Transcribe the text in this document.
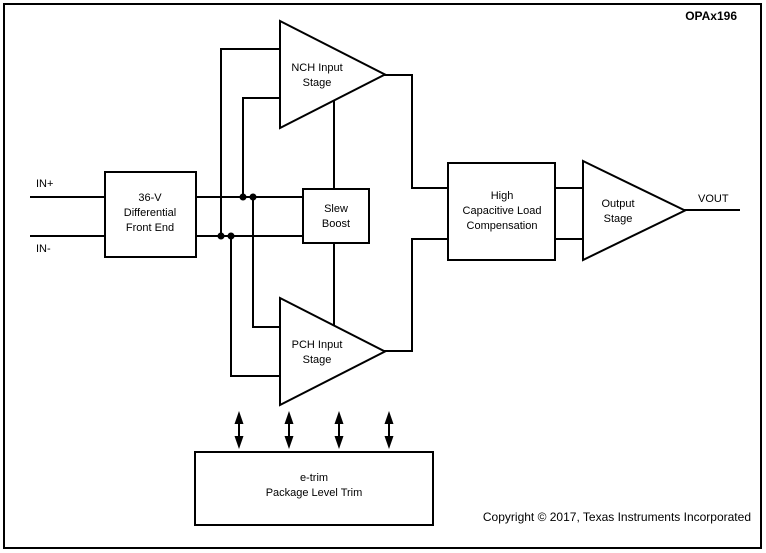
OPAx196
IN+
IN-
VOUT
36-V
Differential
Front End
NCH Input
Stage
Slew
Boost
PCH Input
Stage
High
Capacitive Load
Compensation
Output
Stage
e-trim
Package Level Trim
Copyright © 2017, Texas Instruments Incorporated
